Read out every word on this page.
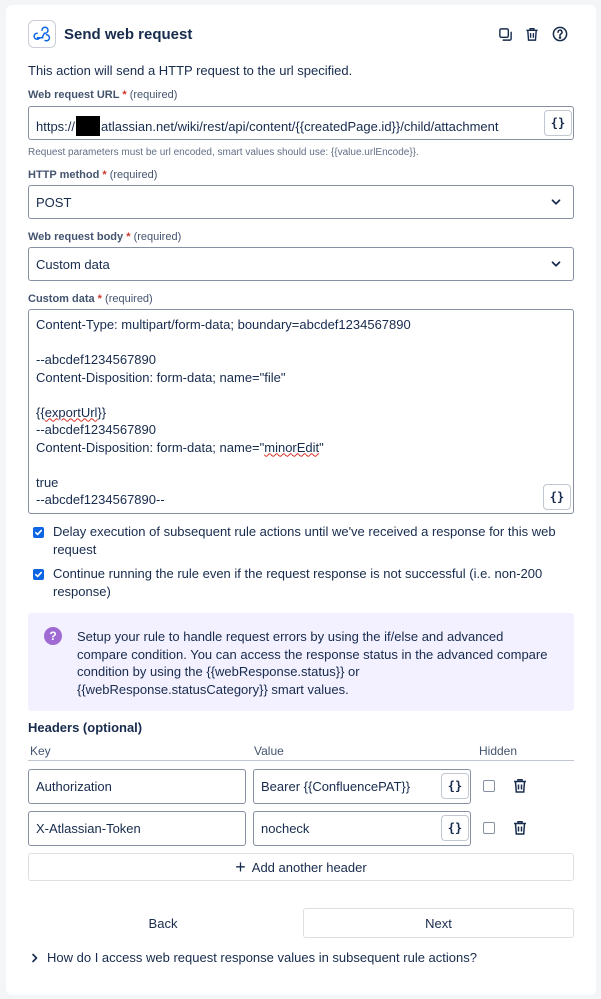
Send web request
This action will send a HTTP request to the url specified.
Web request URL * (required)
https:// atlassian.net/wiki/rest/api/content/{{createdPage.id}}/child/attachment	{}
Request parameters must be url encoded, smart values should use: {{value.urlEncode}}.
HTTP method * (required)
POST
Web request body * (required)
Custom data
Custom data * (required)
Content-Type: multipart/form-data; boundary=abcdef1234567890

--abcdef1234567890
Content-Disposition: form-data; name="file"

{{exportUrl}}
--abcdef1234567890
Content-Disposition: form-data; name="minorEdit"

true
--abcdef1234567890--	{}
Delay execution of subsequent rule actions until we've received a response for this web request
Continue running the rule even if the request response is not successful (i.e. non-200 response)
?	Setup your rule to handle request errors by using the if/else and advanced compare condition. You can access the response status in the advanced compare condition by using the {{webResponse.status}} or {{webResponse.statusCategory}} smart values.
Headers (optional)
Key	Value	Hidden
Authorization	Bearer {{ConfluencePAT}}	{}
X-Atlassian-Token	nocheck	{}
+ Add another header
Back	Next
How do I access web request response values in subsequent rule actions?
